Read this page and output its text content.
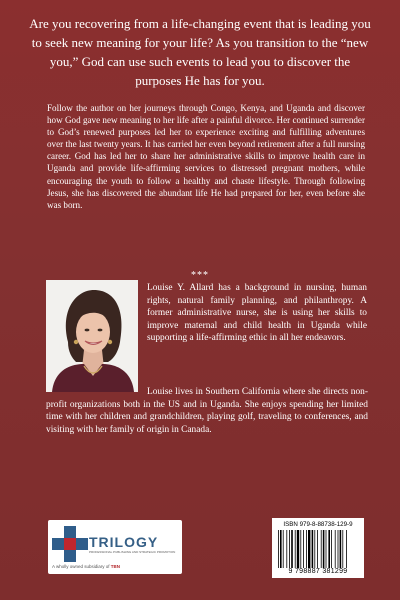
Are you recovering from a life-changing event that is leading you to seek new meaning for your life? As you transition to the “new you,” God can use such events to lead you to discover the purposes He has for you.
Follow the author on her journeys through Congo, Kenya, and Uganda and discover how God gave new meaning to her life after a painful divorce. Her continued surrender to God’s renewed purposes led her to experience exciting and fulfilling adventures over the last twenty years. It has carried her even beyond retirement after a full nursing career. God has led her to share her administrative skills to improve health care in Uganda and provide life-affirming services to distressed pregnant mothers, while encouraging the youth to follow a healthy and chaste lifestyle. Through following Jesus, she has discovered the abundant life He had prepared for her, even before she was born.
***
Louise Y. Allard has a background in nursing, human rights, natural family planning, and philanthropy. A former administrative nurse, she is using her skills to improve maternal and child health in Uganda while supporting a life-affirming ethic in all her endeavors.
Louise lives in Southern California where she directs non-profit organizations both in the US and in Uganda. She enjoys spending her limited time with her children and grandchildren, playing golf, traveling to conferences, and visiting with her family of origin in Canada.
TRILOGY
PROFESSIONAL PUBLISHING AND STRATEGIC PROMOTION
A wholly owned subsidiary of TBN
ISBN 979-8-88738-129-9
9 798887 381299
